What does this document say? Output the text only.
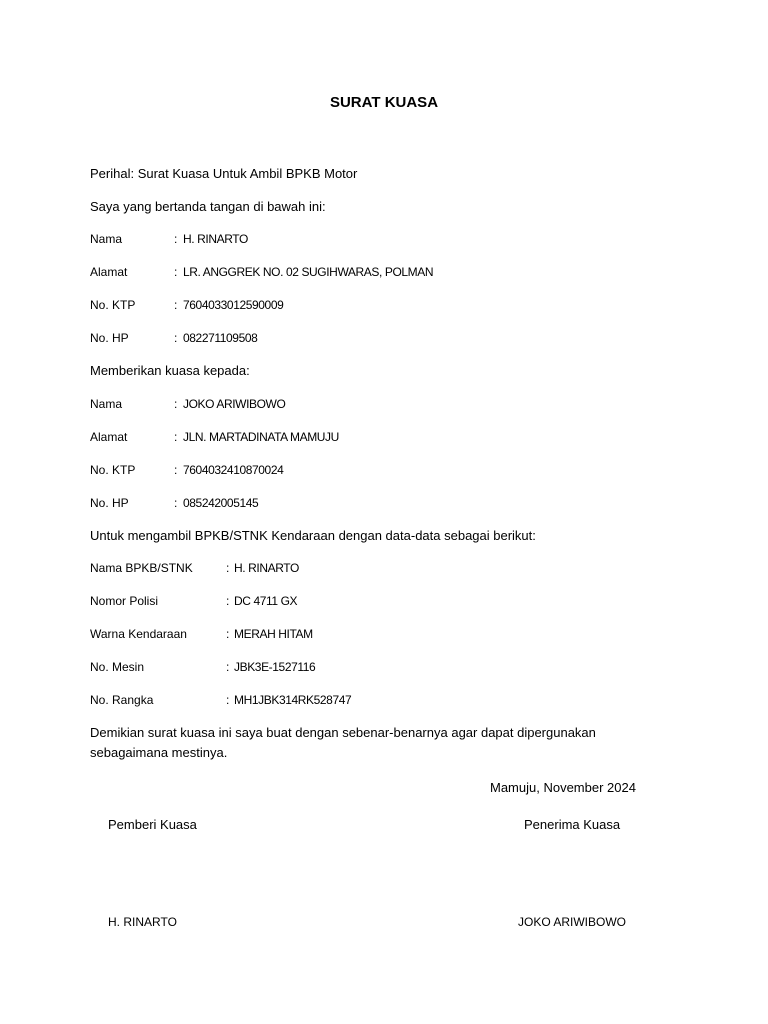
SURAT KUASA
Perihal: Surat Kuasa Untuk Ambil BPKB Motor
Saya yang bertanda tangan di bawah ini:
Nama	: H. RINARTO
Alamat	: LR. ANGGREK NO. 02 SUGIHWARAS, POLMAN
No. KTP	: 7604033012590009
No. HP	: 082271109508
Memberikan kuasa kepada:
Nama	: JOKO ARIWIBOWO
Alamat	: JLN. MARTADINATA MAMUJU
No. KTP	: 7604032410870024
No. HP	: 085242005145
Untuk mengambil BPKB/STNK Kendaraan dengan data-data sebagai berikut:
Nama BPKB/STNK	: H. RINARTO
Nomor Polisi	: DC 4711 GX
Warna Kendaraan	: MERAH HITAM
No. Mesin	: JBK3E-1527116
No. Rangka	: MH1JBK314RK528747
Demikian surat kuasa ini saya buat dengan sebenar-benarnya agar dapat dipergunakan sebagaimana mestinya.
Mamuju, November 2024
Pemberi Kuasa	Penerima Kuasa
H. RINARTO	JOKO ARIWIBOWO
